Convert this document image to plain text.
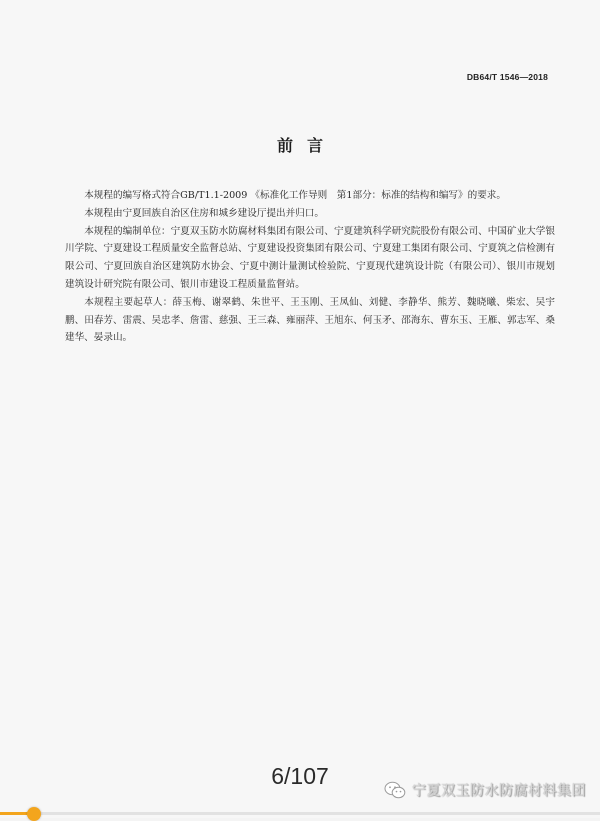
DB64/T 1546—2018
前言

本规程的编写格式符合GB/T1.1-2009 《标准化工作导则　第1部分：标准的结构和编写》的要求。

本规程由宁夏回族自治区住房和城乡建设厅提出并归口。

本规程的编制单位：宁夏双玉防水防腐材料集团有限公司、宁夏建筑科学研究院股份有限公司、中国矿业大学银川学院、宁夏建设工程质量安全监督总站、宁夏建设投资集团有限公司、宁夏建工集团有限公司、宁夏筑之信检测有限公司、宁夏回族自治区建筑防水协会、宁夏中测计量测试检验院、宁夏现代建筑设计院（有限公司）、银川市规划建筑设计研究院有限公司、银川市建设工程质量监督站。

本规程主要起草人：薛玉梅、谢翠鹤、朱世平、王玉刚、王凤仙、刘健、李静华、熊芳、魏晓曦、柴宏、吴宇鹏、田春芳、雷震、吴忠孝、詹雷、慈强、王三森、雍丽萍、王旭东、何玉矛、邵海东、曹东玉、王雁、郭志军、桑建华、晏录山。

6/107
宁夏双玉防水防腐材料集团
